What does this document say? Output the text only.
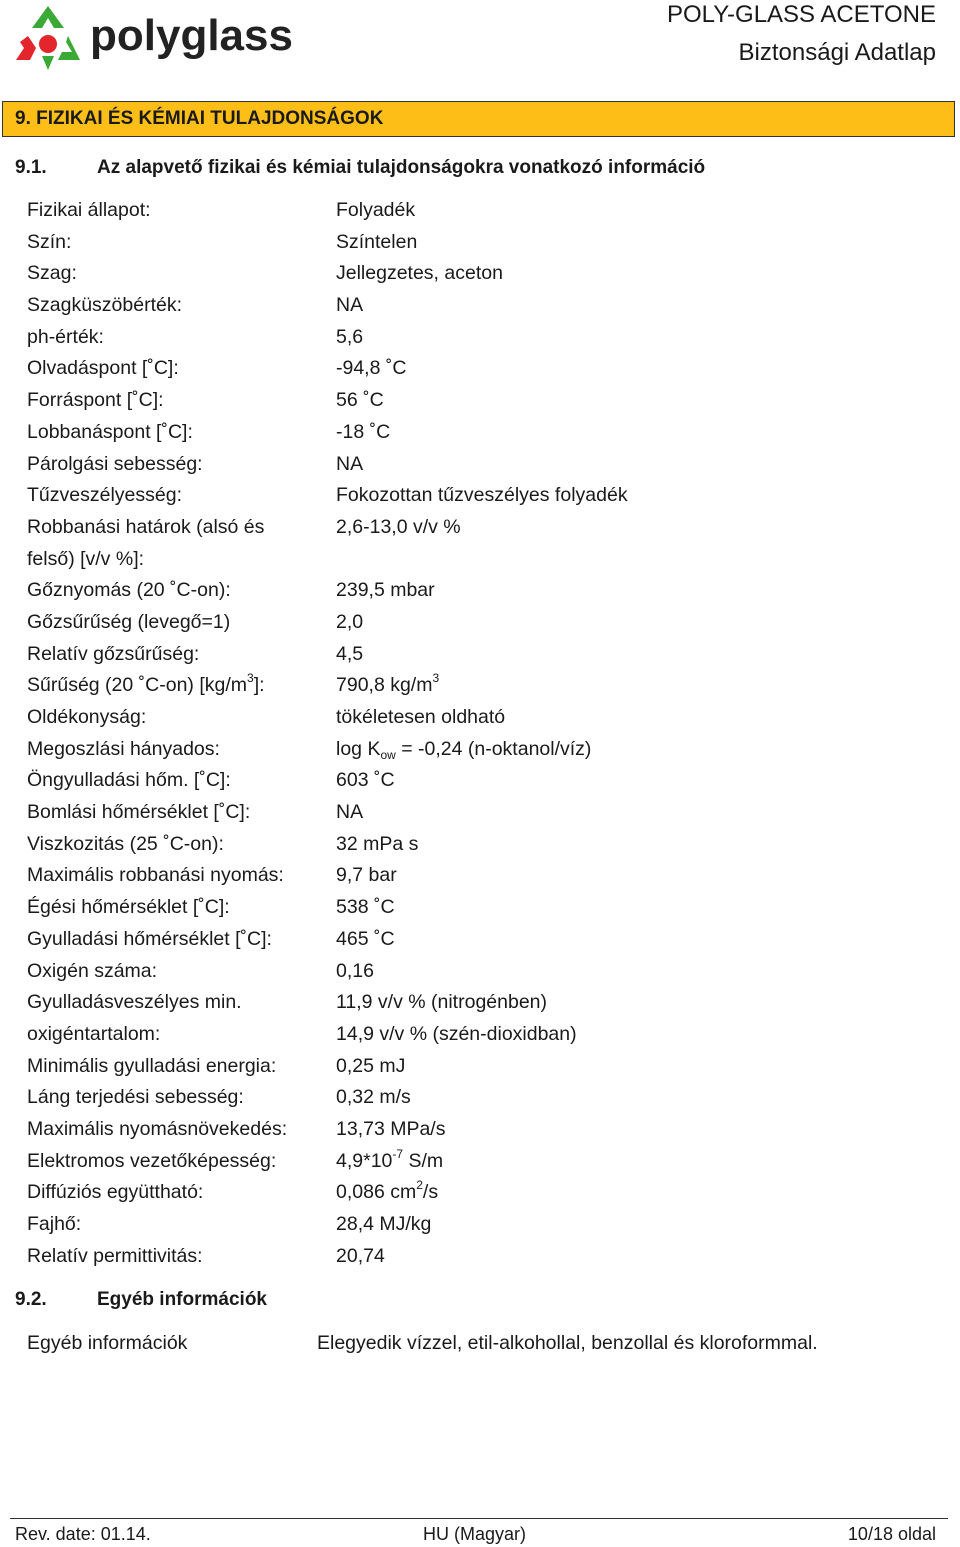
polyglass	POLY-GLASS ACETONE
Biztonsági Adatlap
9. FIZIKAI ÉS KÉMIAI TULAJDONSÁGOK
9.1.	Az alapvető fizikai és kémiai tulajdonságokra vonatkozó információ
Fizikai állapot:	Folyadék
Szín:	Színtelen
Szag:	Jellegzetes, aceton
Szagküszöbérték:	NA
ph-érték:	5,6
Olvadáspont [˚C]:	-94,8 ˚C
Forráspont [˚C]:	56 ˚C
Lobbanáspont [˚C]:	-18 ˚C
Párolgási sebesség:	NA
Tűzveszélyesség:	Fokozottan tűzveszélyes folyadék
Robbanási határok (alsó és	2,6-13,0 v/v %
felső) [v/v %]:
Gőznyomás (20 ˚C-on):	239,5 mbar
Gőzsűrűség (levegő=1)	2,0
Relatív gőzsűrűség:	4,5
Sűrűség (20 ˚C-on) $[kg/m^3]$:	790,8 $kg/m^3$
Oldékonyság:	tökéletesen oldható
Megoszlási hányados:	$\log K_{ow} = -0,24$ (n-oktanol/víz)
Öngyulladási hőm. [˚C]:	603 ˚C
Bomlási hőmérséklet [˚C]:	NA
Viszkozitás (25 ˚C-on):	32 mPa s
Maximális robbanási nyomás:	9,7 bar
Égési hőmérséklet [˚C]:	538 ˚C
Gyulladási hőmérséklet [˚C]:	465 ˚C
Oxigén száma:	0,16
Gyulladásveszélyes min.	11,9 v/v % (nitrogénben)
oxigéntartalom:	14,9 v/v % (szén-dioxidban)
Minimális gyulladási energia:	0,25 mJ
Láng terjedési sebesség:	0,32 m/s
Maximális nyomásnövekedés:	13,73 MPa/s
Elektromos vezetőképesség:	$4,9*10^{-7}$ S/m
Diffúziós együttható:	0,086 $cm^2/s$
Fajhő:	28,4 MJ/kg
Relatív permittivitás:	20,74
9.2.	Egyéb információk
Egyéb információk	Elegyedik vízzel, etil-alkohollal, benzollal és kloroformmal.
Rev. date: 01.14.	HU (Magyar)	10/18 oldal
